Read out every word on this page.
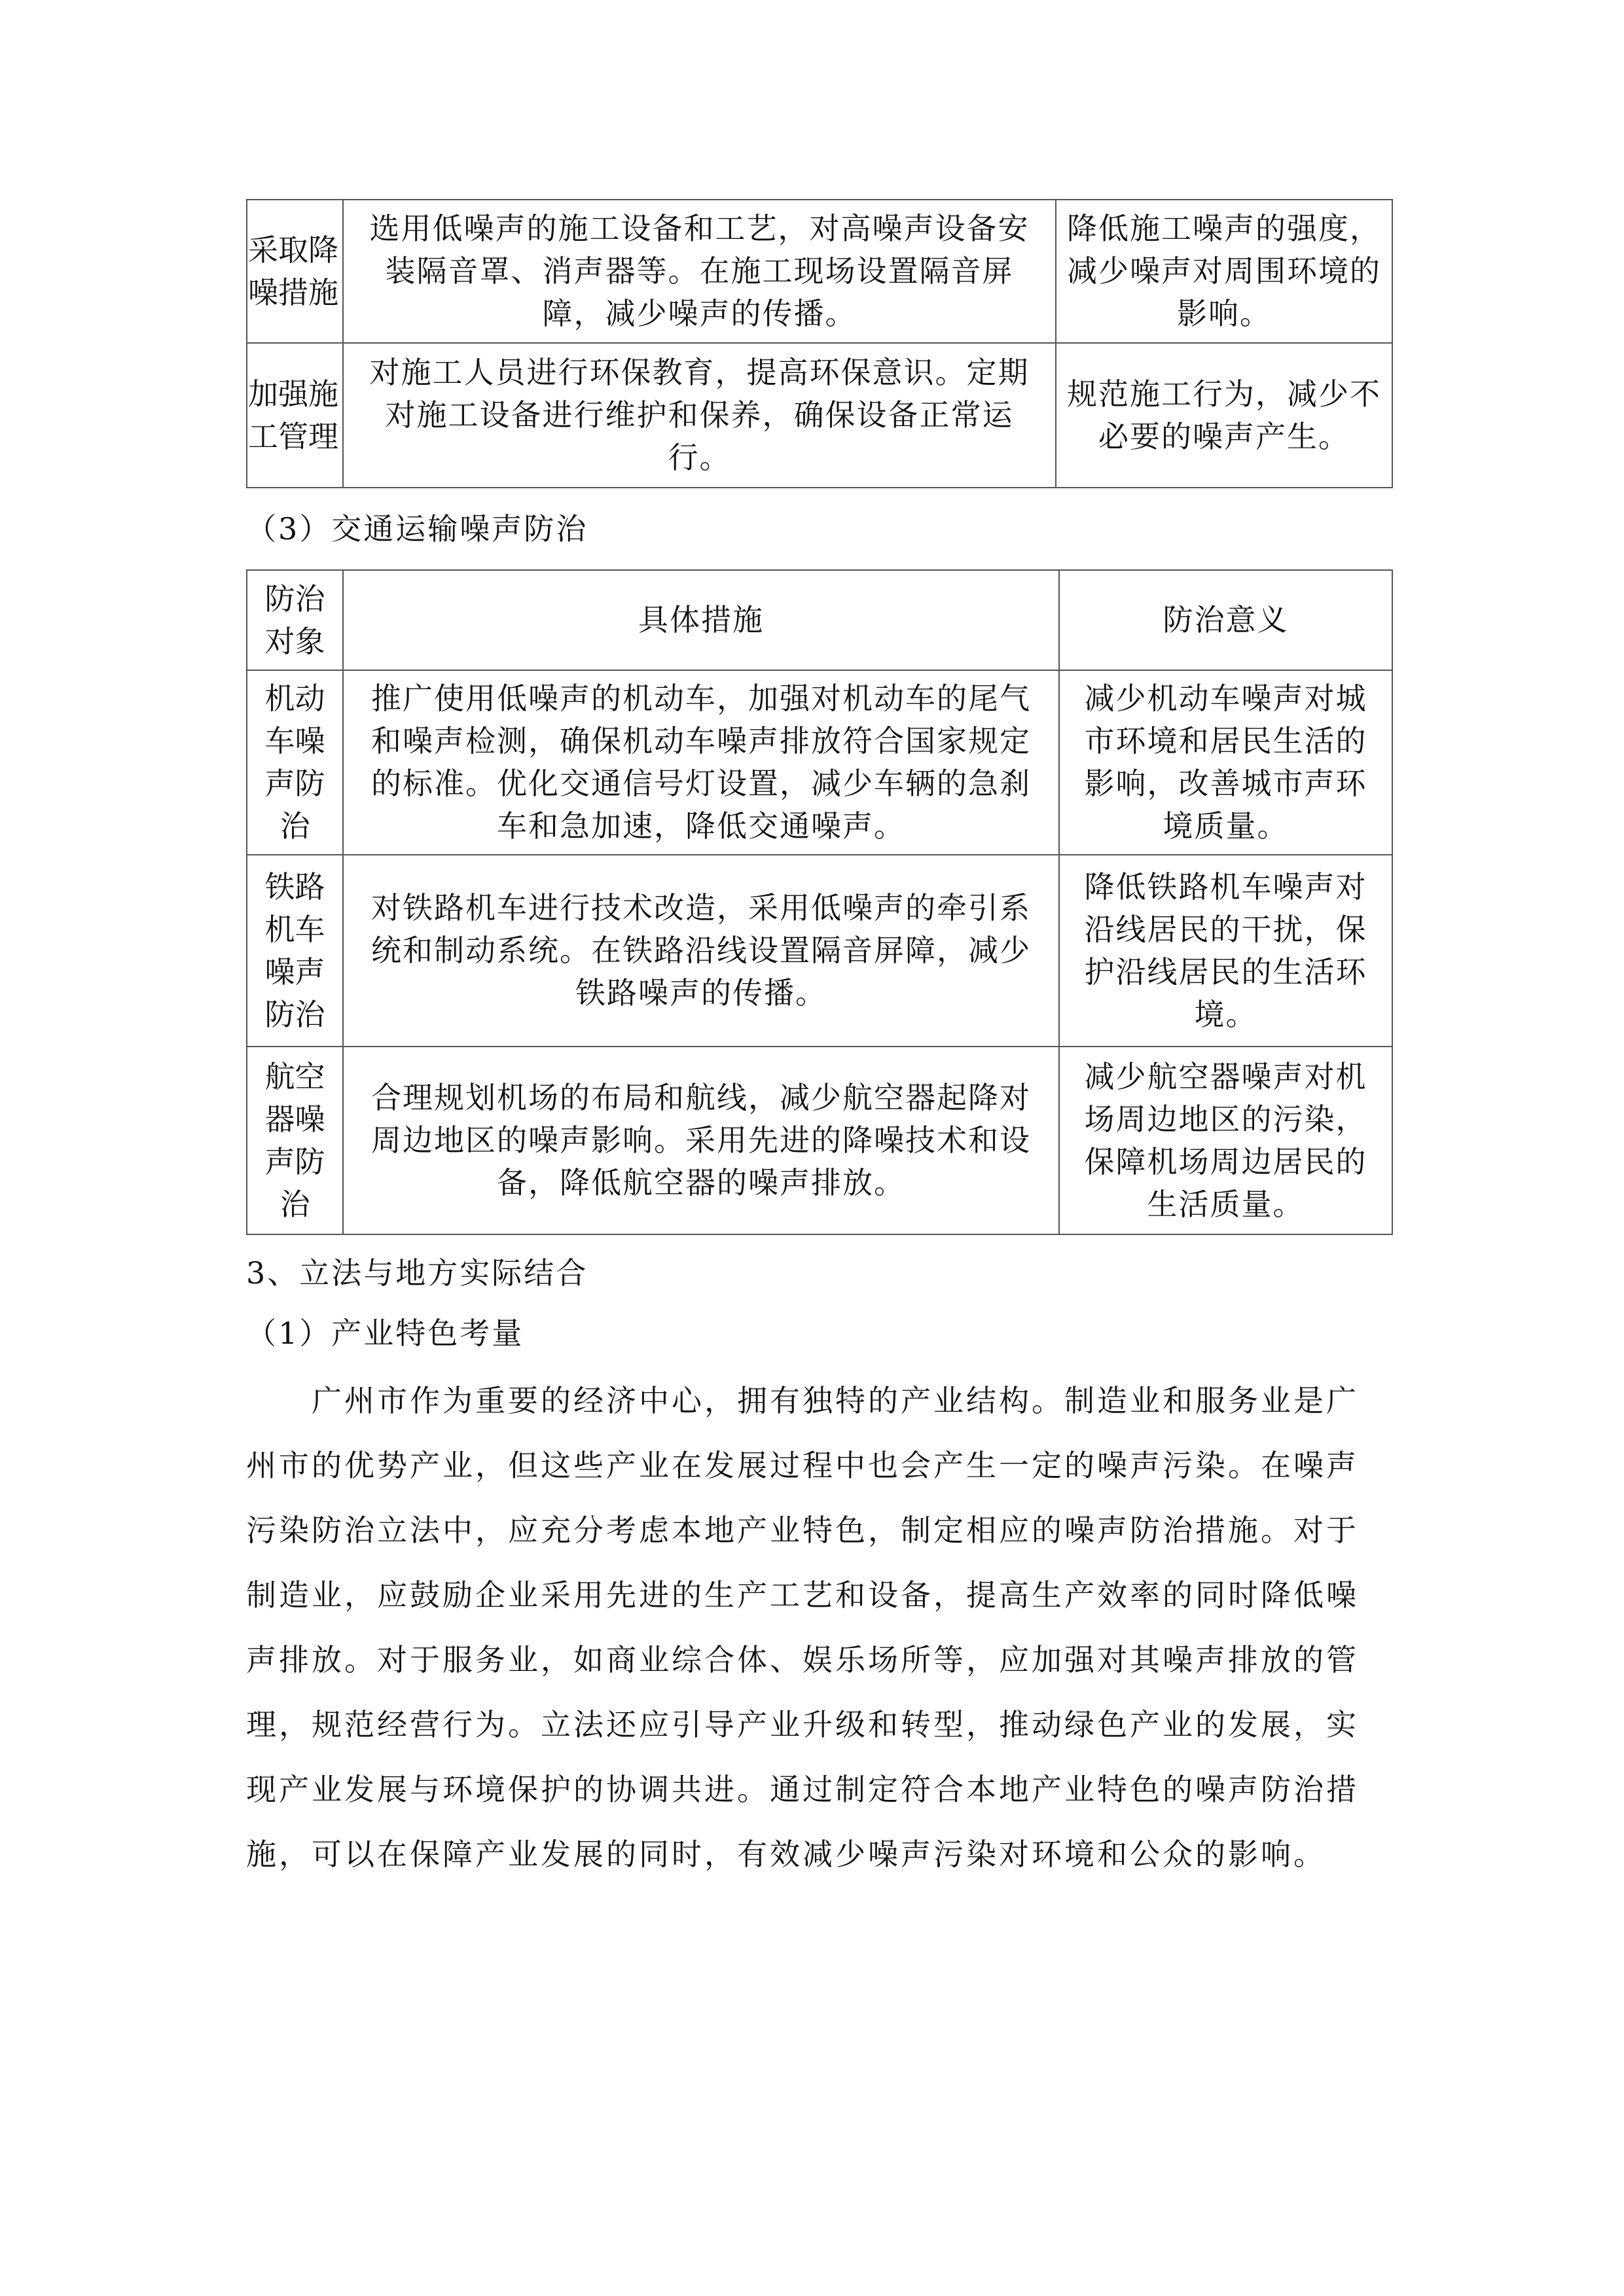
采取降
噪措施	选用低噪声的施工设备和工艺，对高噪声设备安
装隔音罩、消声器等。在施工现场设置隔音屏
障，减少噪声的传播。	降低施工噪声的强度，
减少噪声对周围环境的
影响。
加强施
工管理	对施工人员进行环保教育，提高环保意识。定期
对施工设备进行维护和保养，确保设备正常运
行。	规范施工行为，减少不
必要的噪声产生。
（3）交通运输噪声防治
防治
对象	具体措施	防治意义
机动
车噪
声防
治	推广使用低噪声的机动车，加强对机动车的尾气
和噪声检测，确保机动车噪声排放符合国家规定
的标准。优化交通信号灯设置，减少车辆的急刹
车和急加速，降低交通噪声。	减少机动车噪声对城
市环境和居民生活的
影响，改善城市声环
境质量。
铁路
机车
噪声
防治	对铁路机车进行技术改造，采用低噪声的牵引系
统和制动系统。在铁路沿线设置隔音屏障，减少
铁路噪声的传播。	降低铁路机车噪声对
沿线居民的干扰，保
护沿线居民的生活环
境。
航空
器噪
声防
治	合理规划机场的布局和航线，减少航空器起降对
周边地区的噪声影响。采用先进的降噪技术和设
备，降低航空器的噪声排放。	减少航空器噪声对机
场周边地区的污染，
保障机场周边居民的
生活质量。
3、立法与地方实际结合
（1）产业特色考量
　　广州市作为重要的经济中心，拥有独特的产业结构。制造业和服务业是广
州市的优势产业，但这些产业在发展过程中也会产生一定的噪声污染。在噪声
污染防治立法中，应充分考虑本地产业特色，制定相应的噪声防治措施。对于
制造业，应鼓励企业采用先进的生产工艺和设备，提高生产效率的同时降低噪
声排放。对于服务业，如商业综合体、娱乐场所等，应加强对其噪声排放的管
理，规范经营行为。立法还应引导产业升级和转型，推动绿色产业的发展，实
现产业发展与环境保护的协调共进。通过制定符合本地产业特色的噪声防治措
施，可以在保障产业发展的同时，有效减少噪声污染对环境和公众的影响。
